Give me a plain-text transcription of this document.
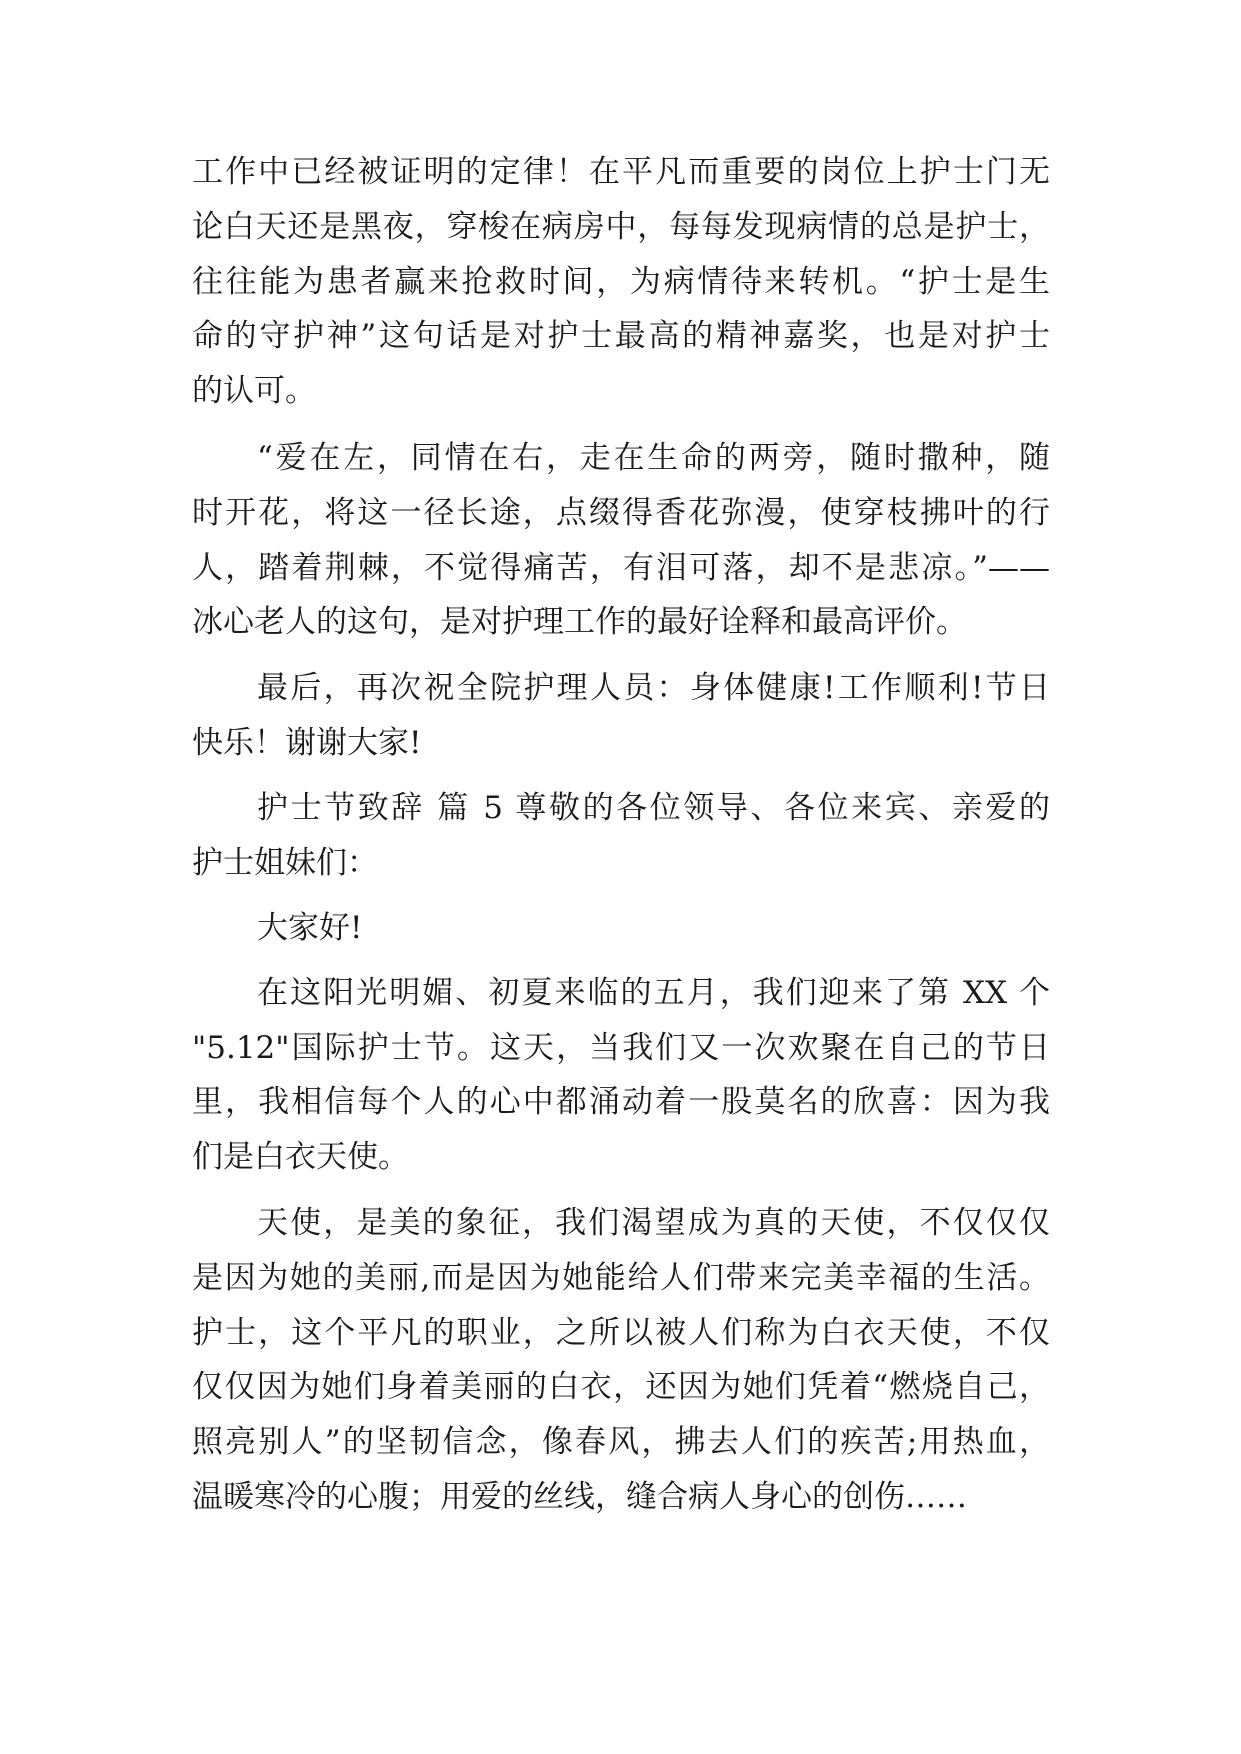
工作中已经被证明的定律！在平凡而重要的岗位上护士门无
论白天还是黑夜，穿梭在病房中，每每发现病情的总是护士，
往往能为患者赢来抢救时间，为病情待来转机。“护士是生
命的守护神”这句话是对护士最高的精神嘉奖，也是对护士
的认可。
“爱在左，同情在右，走在生命的两旁，随时撒种，随
时开花，将这一径长途，点缀得香花弥漫，使穿枝拂叶的行
人，踏着荆棘，不觉得痛苦，有泪可落，却不是悲凉。”——
冰心老人的这句，是对护理工作的最好诠释和最高评价。
最后，再次祝全院护理人员：身体健康!工作顺利!节日
快乐！谢谢大家!
护士节致辞 篇 5 尊敬的各位领导、各位来宾、亲爱的
护士姐妹们：
大家好!
在这阳光明媚、初夏来临的五月，我们迎来了第 XX 个
"5.12"国际护士节。这天，当我们又一次欢聚在自己的节日
里，我相信每个人的心中都涌动着一股莫名的欣喜：因为我
们是白衣天使。
天使，是美的象征，我们渴望成为真的天使，不仅仅仅
是因为她的美丽,而是因为她能给人们带来完美幸福的生活。
护士，这个平凡的职业，之所以被人们称为白衣天使，不仅
仅仅因为她们身着美丽的白衣，还因为她们凭着“燃烧自己，
照亮别人”的坚韧信念，像春风，拂去人们的疾苦;用热血，
温暖寒冷的心腹；用爱的丝线，缝合病人身心的创伤……
